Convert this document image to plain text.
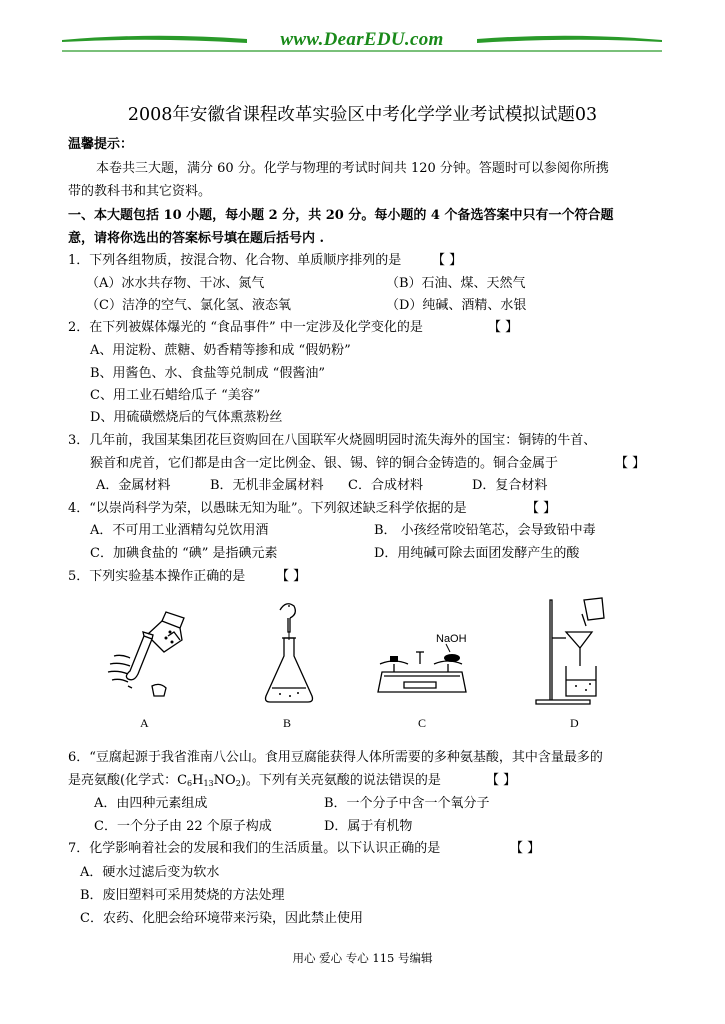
www.DearEDU.com
2008年安徽省课程改革实验区中考化学学业考试模拟试题03
温馨提示：
本卷共三大题，满分 60 分。化学与物理的考试时间共 120 分钟。答题时可以参阅你所携
带的教科书和其它资料。
一、本大题包括 10 小题，每小题 2 分，共 20 分。每小题的 4 个备选答案中只有一个符合题
意，请将你选出的答案标号填在题后括号内 .
1．下列各组物质，按混合物、化合物、单质顺序排列的是 【 】
（A）冰水共存物、干冰、氮气	（B）石油、煤、天然气
（C）洁净的空气、氯化氢、液态氧	（D）纯碱、酒精、水银
2．在下列被媒体爆光的 “食品事件” 中一定涉及化学变化的是	【 】
A、用淀粉、蔗糖、奶香精等掺和成 “假奶粉”
B、用酱色、水、食盐等兑制成 “假酱油”
C、用工业石蜡给瓜子 “美容”
D、用硫磺燃烧后的气体熏蒸粉丝
3．几年前，我国某集团花巨资购回在八国联军火烧圆明园时流失海外的国宝：铜铸的牛首、
猴首和虎首，它们都是由含一定比例金、银、锡、锌的铜合金铸造的。铜合金属于	【 】
A．金属材料	B．无机非金属材料 C．合成材料	D．复合材料
4．“以崇尚科学为荣，以愚昧无知为耻”。下列叙述缺乏科学依据的是	【 】
A．不可用工业酒精勾兑饮用酒	B． 小孩经常咬铅笔芯，会导致铅中毒
C．加碘食盐的 “碘” 是指碘元素	D．用纯碱可除去面团发酵产生的酸
5．下列实验基本操作正确的是 【 】
A	B
NaOH
C	D
6．“豆腐起源于我省淮南八公山。食用豆腐能获得人体所需要的多种氨基酸，其中含量最多的
是亮氨酸(化学式：$C_6H_{13}NO_2$)。下列有关亮氨酸的说法错误的是	【 】
A．由四种元素组成	B．一个分子中含一个氧分子
C．一个分子由 22 个原子构成	D．属于有机物
7．化学影响着社会的发展和我们的生活质量。以下认识正确的是	【 】
A．硬水过滤后变为软水
B．废旧塑料可采用焚烧的方法处理
C．农药、化肥会给环境带来污染，因此禁止使用
用心 爱心 专心 115 号编辑
